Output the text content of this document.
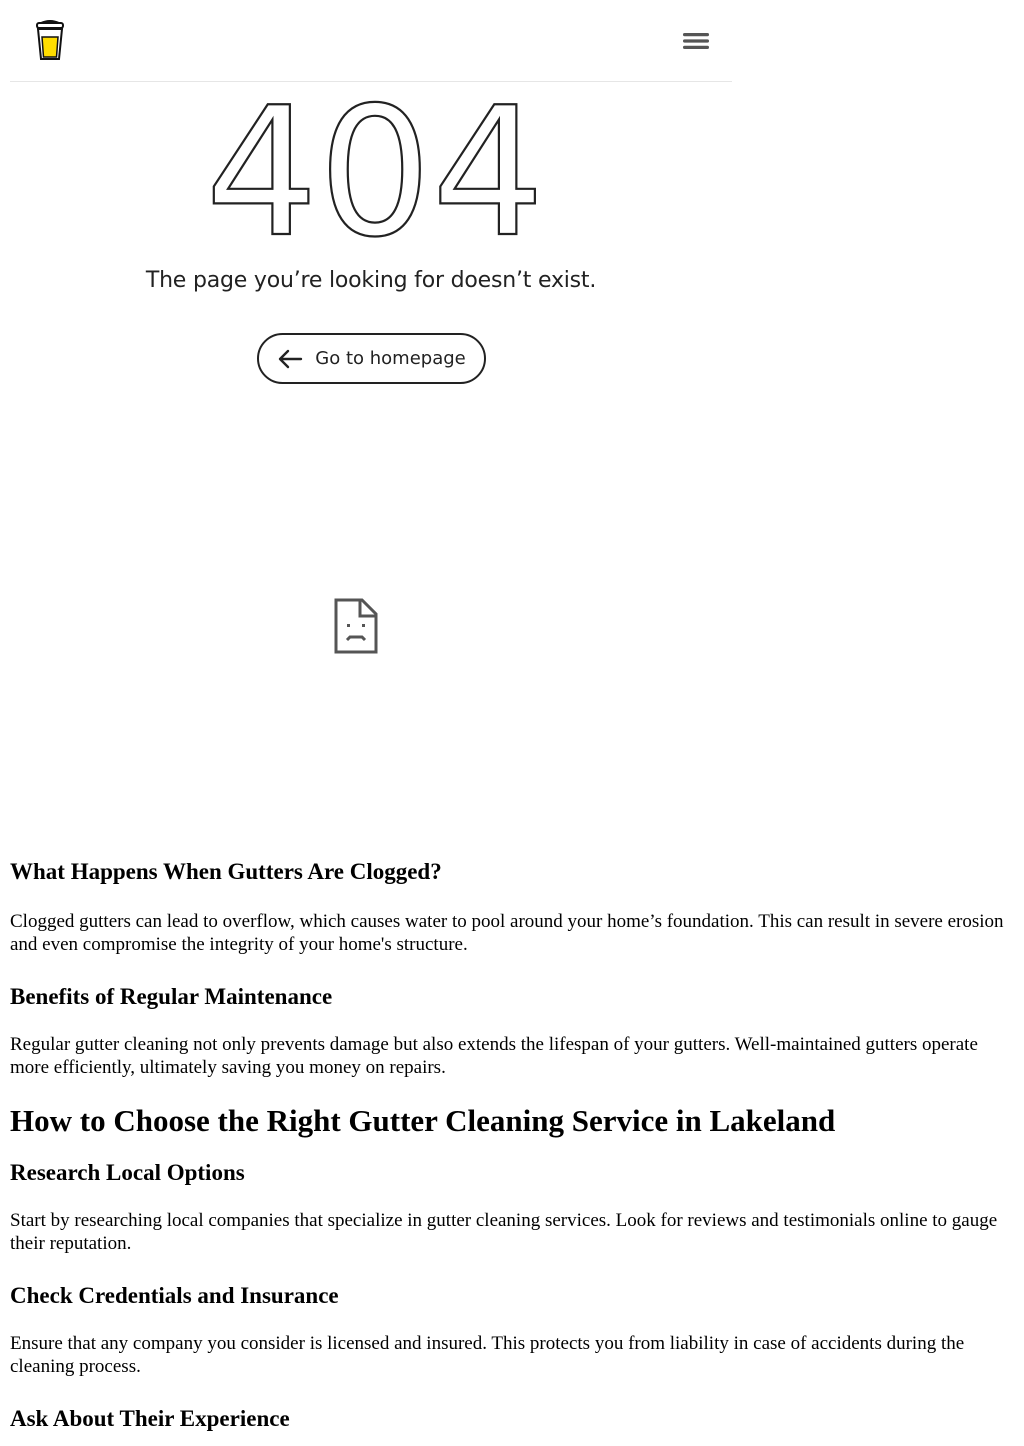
404
The page you’re looking for doesn’t exist.
Go to homepage
What Happens When Gutters Are Clogged?

Clogged gutters can lead to overflow, which causes water to pool around your home’s foundation. This can result in severe erosion and even compromise the integrity of your home's structure.

Benefits of Regular Maintenance

Regular gutter cleaning not only prevents damage but also extends the lifespan of your gutters. Well-maintained gutters operate more efficiently, ultimately saving you money on repairs.

How to Choose the Right Gutter Cleaning Service in Lakeland
Research Local Options

Start by researching local companies that specialize in gutter cleaning services. Look for reviews and testimonials online to gauge their reputation.

Check Credentials and Insurance

Ensure that any company you consider is licensed and insured. This protects you from liability in case of accidents during the cleaning process.

Ask About Their Experience
